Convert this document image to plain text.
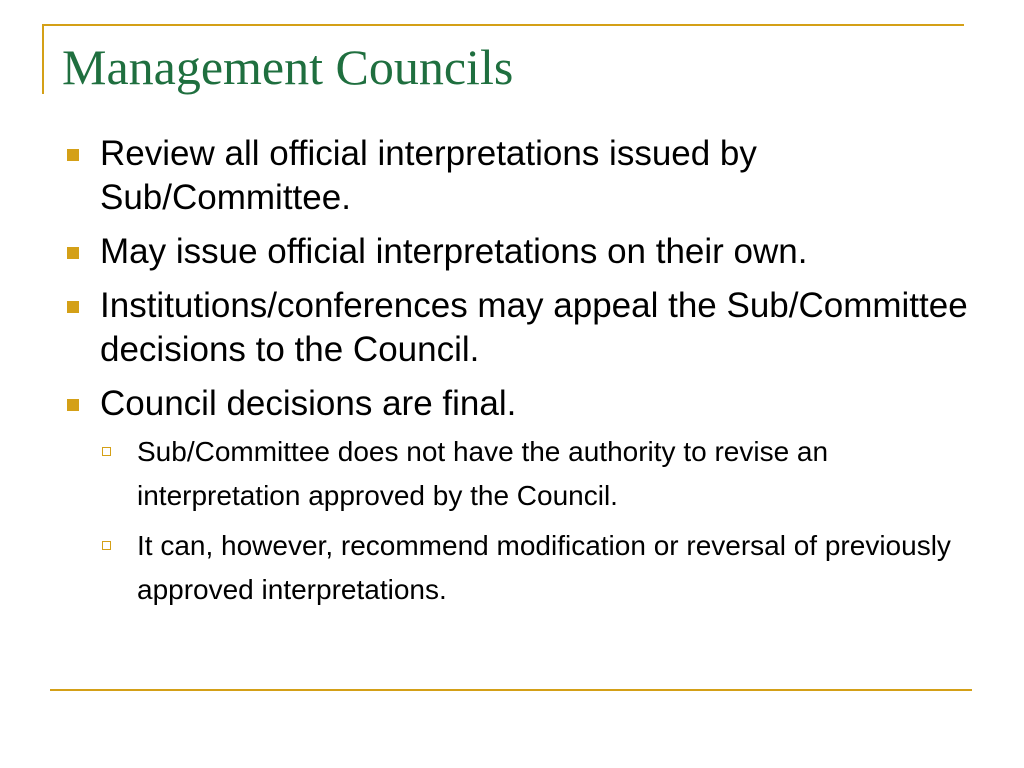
Management Councils
Review all official interpretations issued by Sub/Committee.
May issue official interpretations on their own.
Institutions/conferences may appeal the Sub/Committee decisions to the Council.
Council decisions are final.
Sub/Committee does not have the authority to revise an interpretation approved by the Council.
It can, however, recommend modification or reversal of previously approved interpretations.
